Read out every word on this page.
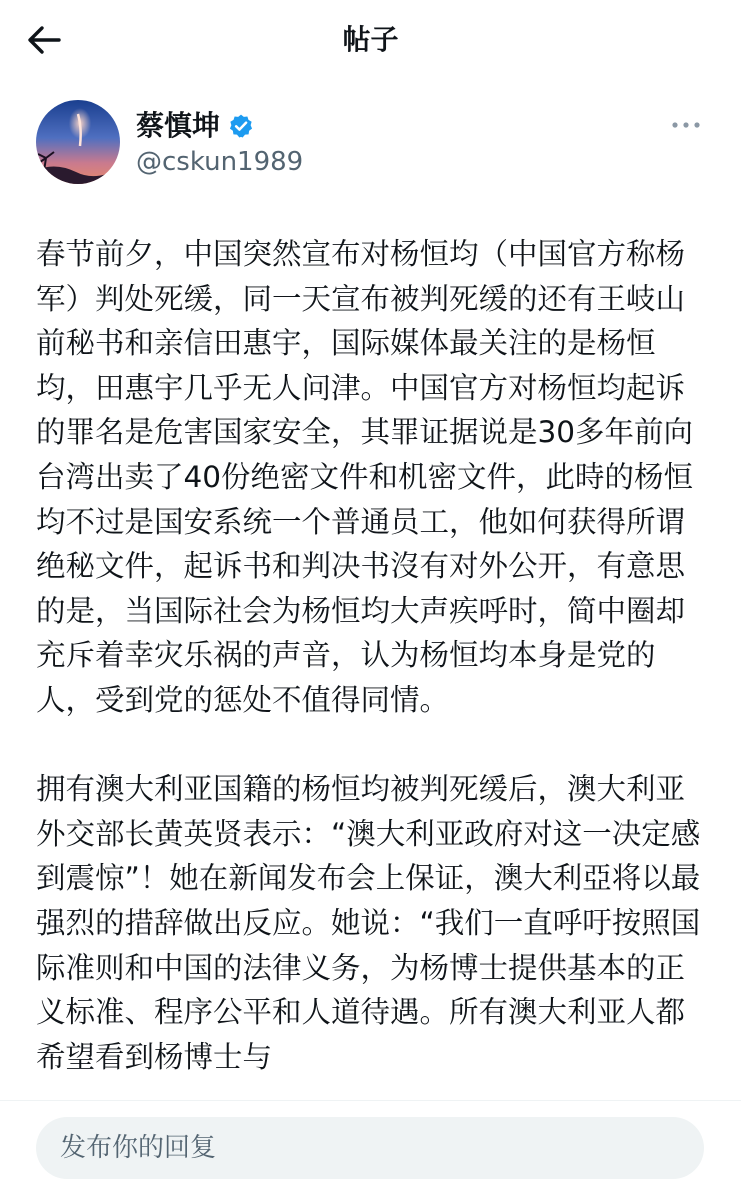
帖子
蔡慎坤
@cskun1989

春节前夕，中国突然宣布对杨恒均（中国官方称杨军）判处死缓，同一天宣布被判死缓的还有王岐山前秘书和亲信田惠宇，国际媒体最关注的是杨恒均，田惠宇几乎无人问津。中国官方对杨恒均起诉的罪名是危害国家安全，其罪证据说是30多年前向台湾出卖了40份绝密文件和机密文件，此時的杨恒均不过是国安系统一个普通员工，他如何获得所谓绝秘文件，起诉书和判决书沒有对外公开，有意思的是，当国际社会为杨恒均大声疾呼时，简中圈却充斥着幸灾乐祸的声音，认为杨恒均本身是党的人，受到党的惩处不值得同情。

拥有澳大利亚国籍的杨恒均被判死缓后，澳大利亚外交部长黄英贤表示：“澳大利亚政府对这一决定感到震惊”！她在新闻发布会上保证，澳大利亞将以最强烈的措辞做出反应。她说：“我们一直呼吁按照国际准则和中国的法律义务，为杨博士提供基本的正义标准、程序公平和人道待遇。所有澳大利亚人都希望看到杨博士与

发布你的回复
